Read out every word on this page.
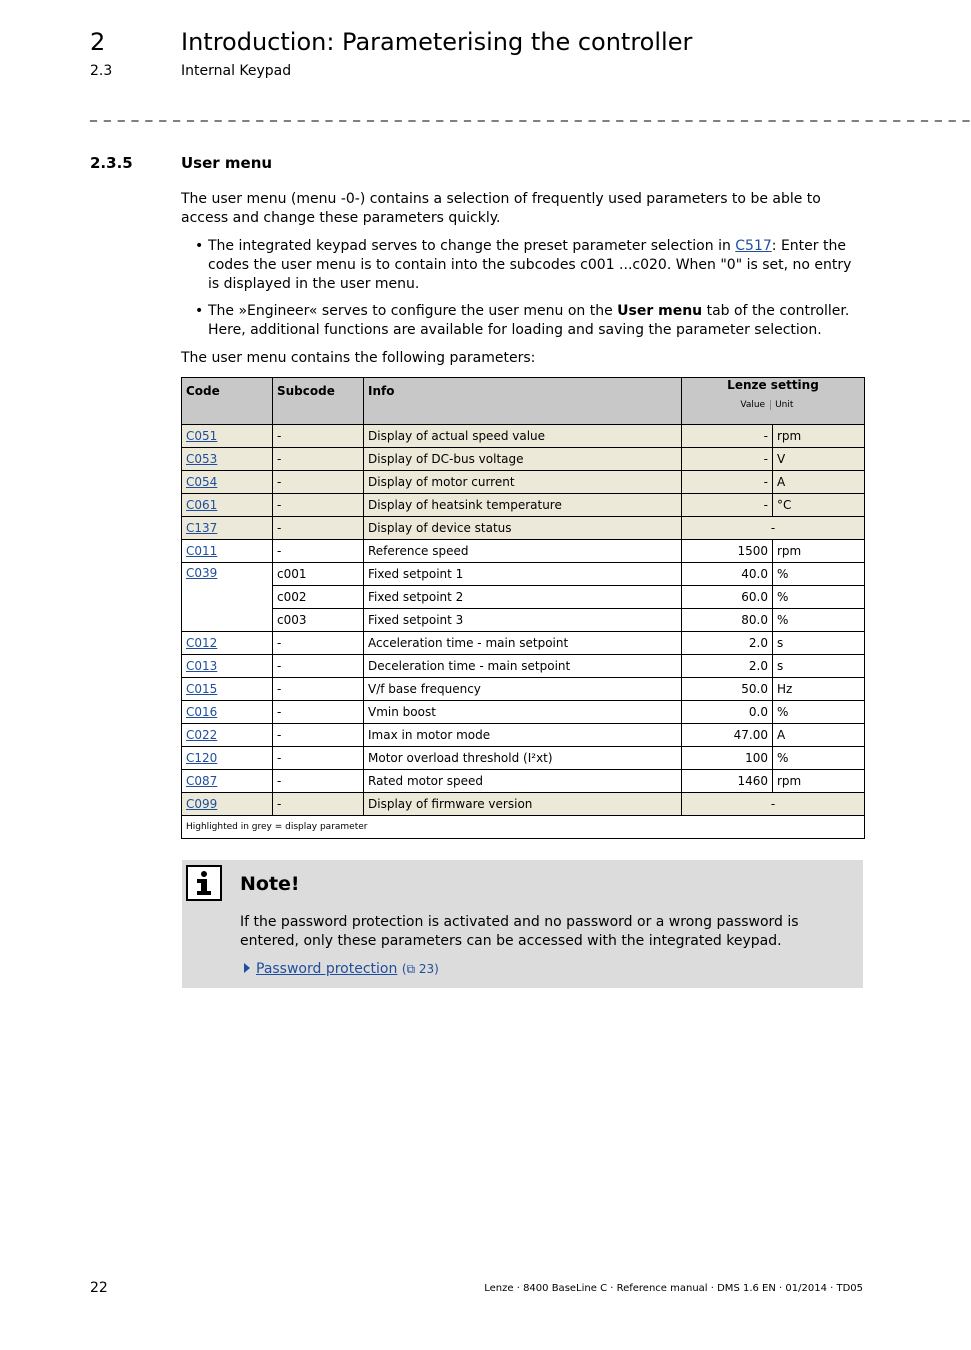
2	Introduction: Parameterising the controller
2.3	Internal Keypad
_ _ _ _ _ _ _ _ _ _ _ _ _ _ _ _ _ _ _ _ _ _ _ _ _ _ _ _ _ _ _ _ _ _ _ _ _ _ _ _ _ _ _ _ _ _ _ _ _ _ _ _ _ _ _ _ _ _ _ _ _ _ _ _
2.3.5	User menu
The user menu (menu -0-) contains a selection of frequently used parameters to be able to access and change these parameters quickly.
• The integrated keypad serves to change the preset parameter selection in C517: Enter the codes the user menu is to contain into the subcodes c001 ...c020. When "0" is set, no entry is displayed in the user menu.
• The »Engineer« serves to configure the user menu on the User menu tab of the controller. Here, additional functions are available for loading and saving the parameter selection.
The user menu contains the following parameters:
Code	Subcode	Info	Lenze setting
Value Unit	

C051	-	Display of actual speed value	-	rpm
C053	-	Display of DC-bus voltage	-	V
C054	-	Display of motor current	-	A
C061	-	Display of heatsink temperature	-	°C
C137	-	Display of device status	-	
C011	-	Reference speed	1500	rpm
C039	c001	Fixed setpoint 1	40.0	%
	c002	Fixed setpoint 2	60.0	%
	c003	Fixed setpoint 3	80.0	%
C012	-	Acceleration time - main setpoint	2.0	s
C013	-	Deceleration time - main setpoint	2.0	s
C015	-	V/f base frequency	50.0	Hz
C016	-	Vmin boost	0.0	%
C022	-	Imax in motor mode	47.00	A
C120	-	Motor overload threshold (I²xt)	100	%
C087	-	Rated motor speed	1460	rpm
C099	-	Display of firmware version	-	
Highlighted in grey = display parameter				
Note!
If the password protection is activated and no password or a wrong password is entered, only these parameters can be accessed with the integrated keypad.
Password protection (⧉ 23)
22	Lenze · 8400 BaseLine C · Reference manual · DMS 1.6 EN · 01/2014 · TD05
